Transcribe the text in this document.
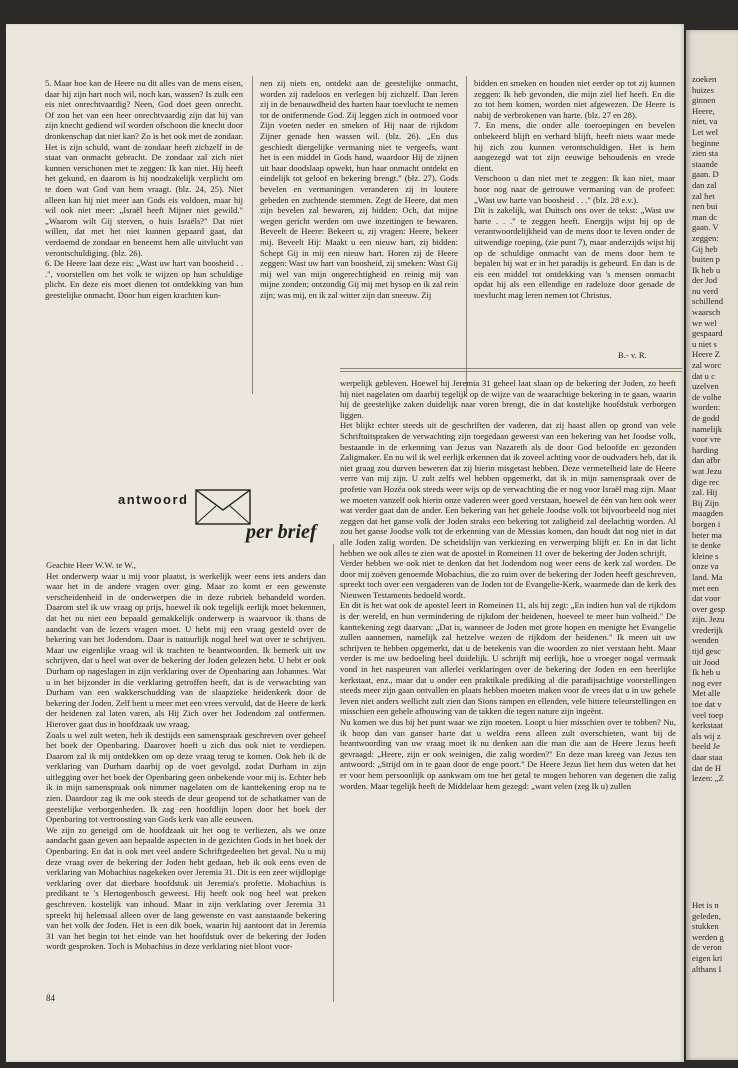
5. Maar hoe kan de Heere nu dit alles van de mens eisen, daar hij zijn hart noch wil, noch kan, wassen? Is zulk een eis niet onrechtvaardig? Neen, God doet geen onrecht. Of zou het van een heer onrechtvaardig zijn dat hij van zijn knecht gediend wil worden ofschoon die knecht door dronkenschap dat niet kan? Zo is het ook met de zondaar. Het is zijn schuld, want de zondaar heeft zichzelf in de staat van onmacht gebracht. De zondaar zal zich niet kunnen verschonen met te zeggen: Ik kan niet. Hij heeft het gekund, en daarom is hij noodzakelijk verplicht om te doen wat God van hem vraagt. (blz. 24, 25). Niet alleen kan hij niet meer aan Gods eis voldoen, maar hij wil ook niet meer: „Israël heeft Mijner niet gewild." „Waarom wilt Gij sterven, o huis Israëls?" Dat niet willen, dat met het niet kunnen gepaard gaat, dat verdoemd de zondaar en beneemt hem alle uitvlucht van verontschuldiging. (blz. 26).
6. De Heere laat deze eis: „Wast uw hart van boosheid . . .", voorstellen om het volk te wijzen op hun schuldige plicht. En deze eis moet dienen tot ontdekking van hun geestelijke onmacht. Door hun eigen krachten kun-
nen zij niets en, ontdekt aan de geestelijke onmacht, worden zij radeloos en verlegen bij zichzelf. Dan leren zij in de benauwdheid des harten haar toevlucht te nemen tot de ontfermende God. Zij leggen zich in ootmoed voor Zijn voeten neder en smeken of Hij naar de rijkdom Zijner genade hen wassen wil. (blz. 26). „En dus geschiedt diergelijke vermaning niet te vergeefs, want het is een middel in Gods hand, waardoor Hij de zijnen uit haar doodslaap opwekt, hun haar onmacht ontdekt en eindelijk tot geloof en bekering brengt." (blz. 27). Gods bevelen en vermaningen veranderen zij in loutere gebeden en zuchtende stemmen. Zegt de Heere, dat men zijn bevelen zal bewaren, zij bidden: Och, dat mijne wegen gericht werden om uwe inzettingen te bewaren. Beveelt de Heere: Bekeert u, zij vragen: Heere, bekeer mij. Beveelt Hij: Maakt u een nieuw hart, zij bidden: Schept Gij in mij een nieuw hart. Horen zij de Heere zeggen: Wast uw hart van boosheid, zij smeken: Wast Gij mij wel van mijn ongerechtigheid en reinig mij van mijne zonden; ontzondig Gij mij met hysop en ik zal rein zijn; was mij, en ik zal witter zijn dan sneeuw. Zij
bidden en smeken en houden niet eerder op tot zij kunnen zeggen: Ik heb gevonden, die mijn ziel lief heeft. En die zo tot hem komen, worden niet afgewezen. De Heere is nabij de verbrokenen van harte. (blz. 27 en 28).
7. En mens, die onder alle toeroepingen en bevelen onbekeerd blijft en verhard blijft, heeft niets waar mede hij zich zou kunnen verontschuldigen. Het is hem aangezegd wat tot zijn eeuwige behoudenis en vrede dient.
Verschoon u dan niet met te zeggen: Ik kan niet, maar hoor nog naar de getrouwe vermaning van de profeet: „Wast uw harte van boosheid . . ." (blz. 28 e.v.).
Dit is zakelijk, wat Duitsch ons over de tekst: „Wast uw harte . . ." te zeggen heeft. Energijs wijst hij op de verantwoordelijkheid van de mens door te leven onder de uitwendige roeping, (zie punt 7), maar anderzijds wijst hij op de schuldige onmacht van de mens door hem te bepalen bij wat er in het paradijs is gebeurd. En dan is de eis een middel tot ontdekking van 's mensen onmacht opdat hij als een ellendige en radeloze door genade de toevlucht mag leren nemen tot Christus.
B.- v. R.
antwoord
per brief
Geachte Heer W.W. te W.,
Het onderwerp waar u mij voor plaatst, is werkelijk weer eens iets anders dan waar het in de andere vragen over ging. Maar zo komt er een gewenste verscheidenheid in de onderwerpen die in deze rubriek behandeld worden. Daarom stel ik uw vraag op prijs, hoewel ik ook tegelijk eerlijk moet bekennen, dat het nu niet een bepaald gemakkelijk onderwerp is waarvoor ik thans de aandacht van de lezers vragen moet. U hebt mij een vraag gesteld over de bekering van het Jodendom. Daar is natuurlijk nogal heel wat over te schrijven. Maar uw eigenlijke vraag wil ik trachten te beantwoorden. Ik bemerk uit uw schrijven, dat u heel wat over de bekering der Joden gelezen hebt. U hebt er ook Durham op nageslagen in zijn verklaring over de Openbaring aan Johannes. Wat u in het bijzonder in die verklaring getroffen heeft, dat is de verwachting van Durham van een wakkerschudding van de slaapzieke heidenkerk door de bekering der Joden. Zelf bent u meer met een vrees vervuld, dat de Heere de kerk der heidenen zal laten varen, als Hij Zich over het Jodendom zal ontfermen. Hierover gaat dus in hoofdzaak uw vraag.
Zoals u wel zult weten, heb ik destijds een samenspraak geschreven over geheel het boek der Openbaring. Daarover hoeft u zich dus ook niet te verdiepen. Daarom zal ik mij ontdekken om op deze vraag terug te komen. Ook heb ik de verklaring van Durham daarbij op de voet gevolgd, zodat Durham in zijn uitlegging over het boek der Openbaring geen onbekende voor mij is. Echter heb ik in mijn samenspraak ook nimmer nagelaten om de kanttekening erop na te zien. Daardoor zag ik me ook steeds de deur geopend tot de schatkamer van de geestelijke verborgenheden. Ik zag een hoofdlijn lopen door het boek der Openbaring tot vertroosting van Gods kerk van alle eeuwen.
We zijn zo geneigd om de hoofdzaak uit het oog te verliezen, als we onze aandacht gaan geven aan bepaalde aspecten in de gezichten Gods in het boek der Openbaring. En dat is ook met veel andere Schriftgedeelten het geval. Nu u mij deze vraag over de bekering der Joden hebt gedaan, heb ik ook eens even de verklaring van Mobachius nagekeken over Jeremia 31. Dit is een zeer wijdlopige verklaring over dat dierbare hoofdstuk uit Jeremia's profetie. Mobachius is predikant te 's Hertogenbosch geweest. Hij heeft ook nog heel wat preken geschreven. kostelijk van inhoud. Maar in zijn verklaring over Jeremia 31 spreekt hij helemaal alleen over de lang gewenste en vast aanstaande bekering van het volk der Joden. Het is een dik boek, waarin hij aantoont dat in Jeremia 31 van het begin tot het einde van het hoofdstuk over de bekering der Joden wordt gesproken. Toch is Mobachius in deze verklaring niet bloot voor-
werpelijk gebleven. Hoewel hij Jeremia 31 geheel laat slaan op de bekering der Joden, zo heeft hij niet nagelaten om daarbij tegelijk op de wijze van de waarachtige bekering in te gaan, waarin hij de geestelijke zaken duidelijk naar voren brengt, die in dat kostelijke hoofdstuk verborgen liggen.
Het blijkt echter steeds uit de geschriften der vaderen, dat zij haast allen op grond van vele Schriftuitspraken de verwachting zijn toegedaan geweest van een bekering van het Joodse volk, bestaande in de erkenning van Jezus van Nazareth als de door God beloofde en gezonden Zaligmaker. En nu wil ik wel eerlijk erkennen dat ik zoveel achting voor de oudvaders heb, dat ik niet graag zou durven beweren dat zij hierin misgetast hebben. Deze vermetelheid late de Heere verre van mij zijn. U zult zelfs wel hebben opgemerkt, dat ik in mijn samenspraak over de profetie van Hozëa ook steeds weer wijs op de verwachting die er nog voor Israël mag zijn. Maar we moeten vanzelf ook hierin onze vaderen weer goed verstaan, hoewel de één van hen ook weer wat verder gaat dan de ander. Een bekering van het gehele Joodse volk tot bijvoorbeeld nog niet zeggen dat het ganse volk der Joden straks een bekering tot zaligheid zal deelachtig worden. Al zou het ganse Joodse volk tot de erkenning van de Messias komen, dan houdt dat nog niet in dat alle Joden zalig worden. De scheidslijn van verkiezing en verwerping blijft er. En in dat licht hebben we ook alles te zien wat de apostel in Romeinen 11 over de bekering der Joden schrijft.
Verder hebben we ook niet te denken dat het Jodendom nog weer eens de kerk zal worden. De door mij zoëven genoemde Mobachius, die zo ruim over de bekering der Joden heeft geschreven, spreekt toch over een vergaderen van de Joden tot de Evangelie-Kerk, waarmede dan de kerk des Nieuwen Testaments bedoeld wordt.
En dit is het wat ook de apostel leert in Romeinen 11, als hij zegt: „En indien hun val de rijkdom is der wereld, en hun vermindering de rijkdom der heidenen, hoeveel te meer hun volheid." De kanttekening zegt daarvan: „Dat is, wanneer de Joden met grote hopen en menigte het Evangelie zullen aannemen, namelijk zal hetzelve wezen de rijkdom der heidenen." Ik meen uit uw schrijven te hebben opgemerkt, dat u de betekenis van die woorden zo niet verstaan hebt. Maar verder is me uw bedoeling heel duidelijk. U schrijft mij eerlijk, hoe u vroeger nogal vermaak vond in het naspeuren van allerlei verklaringen over de bekering der Joden en een heerlijke kerkstaat, enz., maar dat u onder een praktikale prediking al die paradijsachtige voorstellingen steeds meer zijn gaan ontvallen en plaats hebben moeten maken voor de vrees dat u in uw gehele leven niet anders wellicht zult zien dan Sions rampen en ellenden, vele bittere teleurstellingen en misschien een gehele afhouwing van de takken die tegen nature zijn ingeënt.
Nu komen we dus bij het punt waar we zijn moeten. Loopt u hier misschien over te tobben? Nu, ik hoop dan van ganser harte dat u weldra eens alleen zult overschieten, want bij de beantwoording van uw vraag moet ik nu denken aan die man die aan de Heere Jezus heeft gevraagd: „Heere, zijn er ook weinigen, die zalig worden?" En deze man kreeg van Jezus ten antwoord: „Strijd om in te gaan door de enge poort." De Heere Jezus liet hem dus weten dat het er voor hem persoonlijk op aankwam om toe het getal te mogen behoren van degenen die zalig worden. Maar tegelijk heeft de Middelaar hem gezegd: „want velen (zeg Ik u) zullen
84
zoeken
huizes
ginnen
Heere,
niet, va
Let wel
beginne
zien sta
staande
gaan. D
dan zal
zal het
nen bui
man dc
gaan. V
zeggen:
Gij heb
buiten p
Ik heb u
der Jod
nu verd
schillend
waarsch
we wel
gespaard
u niet s
Heere Z
zal worc
dat u c
uzelven
de volhe
worden:
de godd
namelijk
voor vre
harding
dan afbr
wat Jezu
dige rec
zal. Hij
Bij Zijn
maagden
borgen i
beter ma
te denke
kleine s
onze va
land. Ma
met een
dat voor
over gesp
zijn. Jezu
vrederijk
wenden
tijd gesc
uit Jood
Ik heb u
nog ever
Met alle
toe dat v
veel toep
kerkstaat
als wij z
beeld Je
daar staa
dat de H
lezen: „Z
Het is n
geleden,
stukken
werden g
de veron
eigen kri
althans I
